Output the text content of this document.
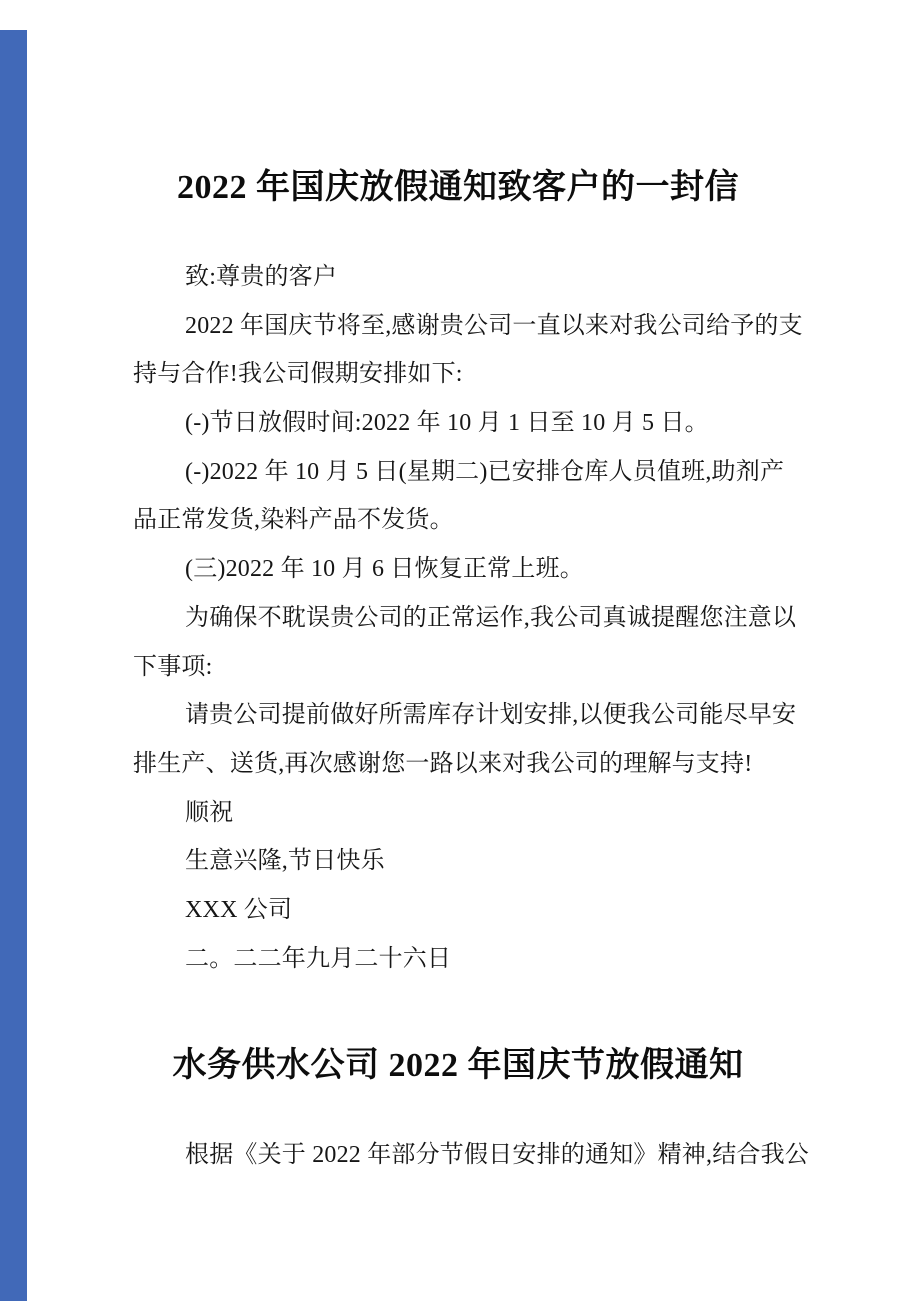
2022 年国庆放假通知致客户的一封信
致:尊贵的客户
2022 年国庆节将至,感谢贵公司一直以来对我公司给予的支
持与合作!我公司假期安排如下:
(-)节日放假时间:2022 年 10 月 1 日至 10 月 5 日。
(-)2022 年 10 月 5 日(星期二)已安排仓库人员值班,助剂产
品正常发货,染料产品不发货。
(三)2022 年 10 月 6 日恢复正常上班。
为确保不耽误贵公司的正常运作,我公司真诚提醒您注意以
下事项:
请贵公司提前做好所需库存计划安排,以便我公司能尽早安
排生产、送货,再次感谢您一路以来对我公司的理解与支持!
顺祝
生意兴隆,节日快乐
XXX 公司
二。二二年九月二十六日
水务供水公司 2022 年国庆节放假通知
根据《关于 2022 年部分节假日安排的通知》精神,结合我公
